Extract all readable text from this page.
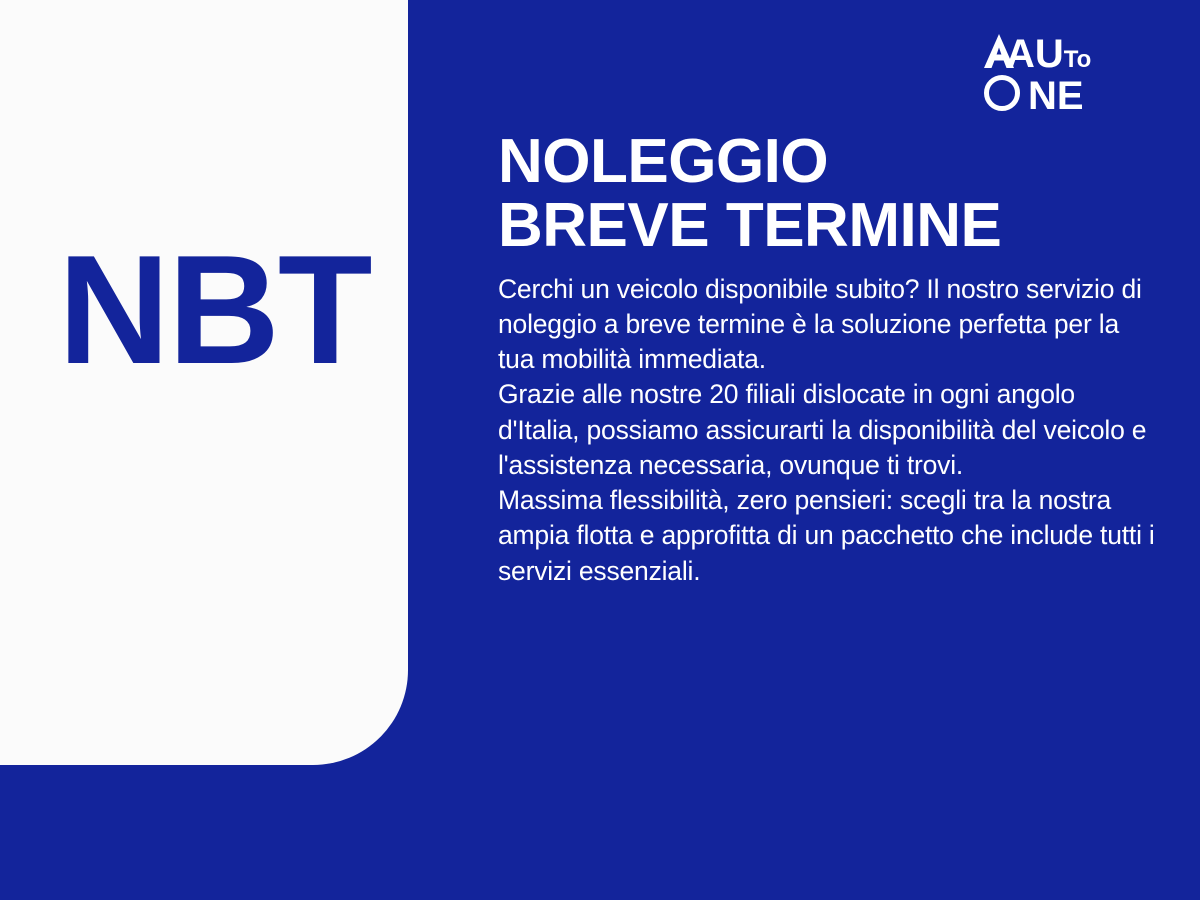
NBT
AUTo
NE
NOLEGGIO
BREVE TERMINE

Cerchi un veicolo disponibile subito? Il nostro servizio di noleggio a breve termine è la soluzione perfetta per la tua mobilità immediata.

Grazie alle nostre 20 filiali dislocate in ogni angolo d'Italia, possiamo assicurarti la disponibilità del veicolo e l'assistenza necessaria, ovunque ti trovi.

Massima flessibilità, zero pensieri: scegli tra la nostra ampia flotta e approfitta di un pacchetto che include tutti i servizi essenziali.
